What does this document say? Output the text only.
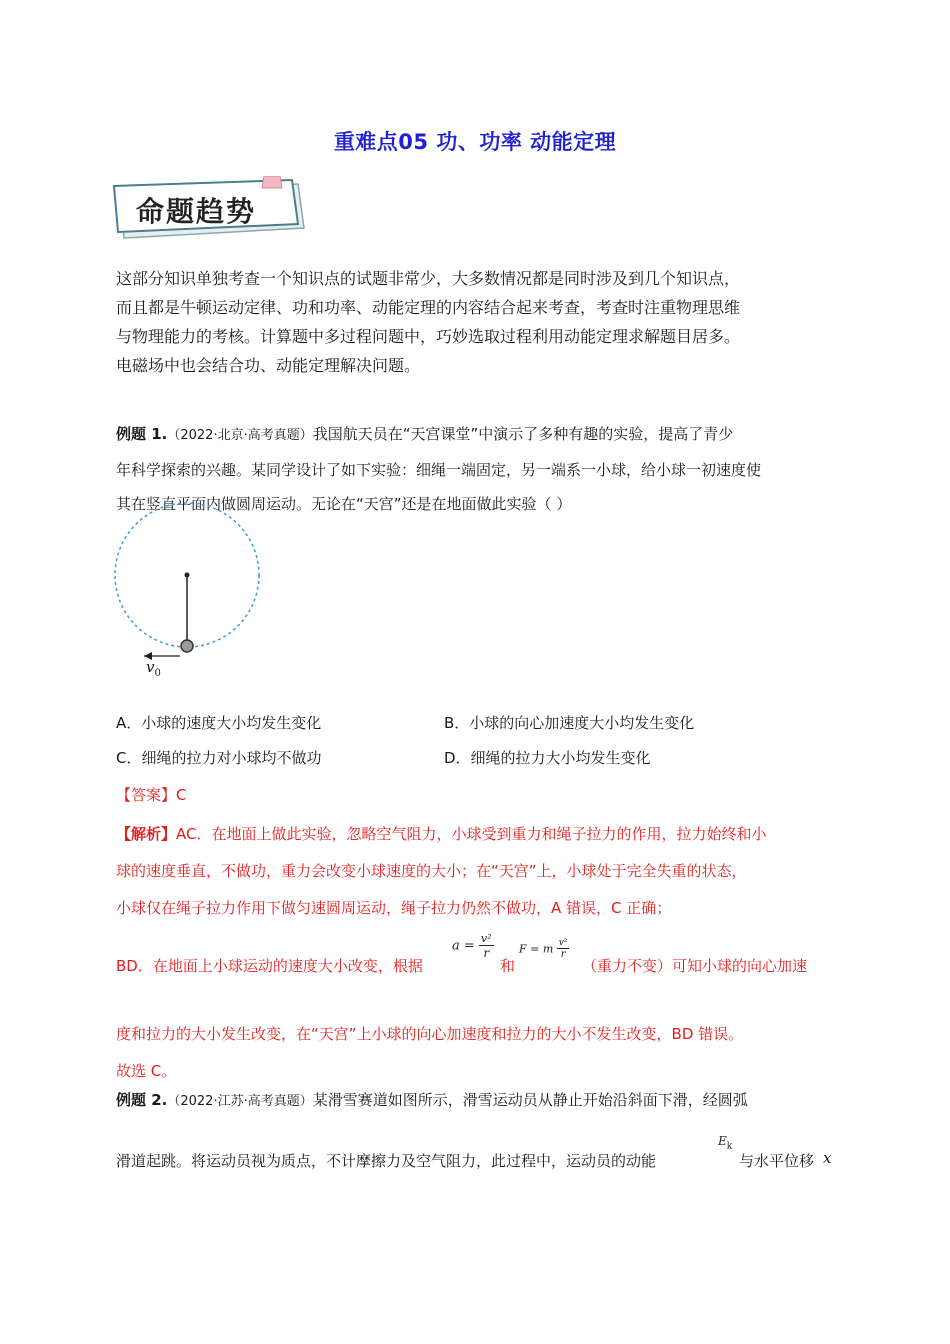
重难点05 功、功率 动能定理
命题趋势
这部分知识单独考查一个知识点的试题非常少，大多数情况都是同时涉及到几个知识点，
而且都是牛顿运动定律、功和功率、动能定理的内容结合起来考查，考查时注重物理思维
与物理能力的考核。计算题中多过程问题中，巧妙选取过程利用动能定理求解题目居多。
电磁场中也会结合功、动能定理解决问题。
例题 1.（2022·北京·高考真题）我国航天员在“天宫课堂”中演示了多种有趣的实验，提高了青少
年科学探索的兴趣。某同学设计了如下实验：细绳一端固定，另一端系一小球，给小球一初速度使
其在竖直平面内做圆周运动。无论在“天宫”还是在地面做此实验（ ）
$v_0$
A．小球的速度大小均发生变化	B．小球的向心加速度大小均发生变化
C．细绳的拉力对小球均不做功	D．细绳的拉力大小均发生变化
【答案】C
【解析】AC．在地面上做此实验，忽略空气阻力，小球受到重力和绳子拉力的作用，拉力始终和小
球的速度垂直，不做功，重力会改变小球速度的大小；在“天宫”上，小球处于完全失重的状态，
小球仅在绳子拉力作用下做匀速圆周运动，绳子拉力仍然不做功，A 错误，C 正确；
BD．在地面上小球运动的速度大小改变，根据
$a = \frac{\text{v²}}{r}$
和
F = m $\frac{\text{v²}}{r}$
（重力不变）可知小球的向心加速
度和拉力的大小发生改变，在“天宫”上小球的向心加速度和拉力的大小不发生改变，BD 错误。
故选 C。
例题 2.（2022·江苏·高考真题）某滑雪赛道如图所示，滑雪运动员从静止开始沿斜面下滑，经圆弧
滑道起跳。将运动员视为质点，不计摩擦力及空气阻力，此过程中，运动员的动能
$E_k$
与水平位移 x
